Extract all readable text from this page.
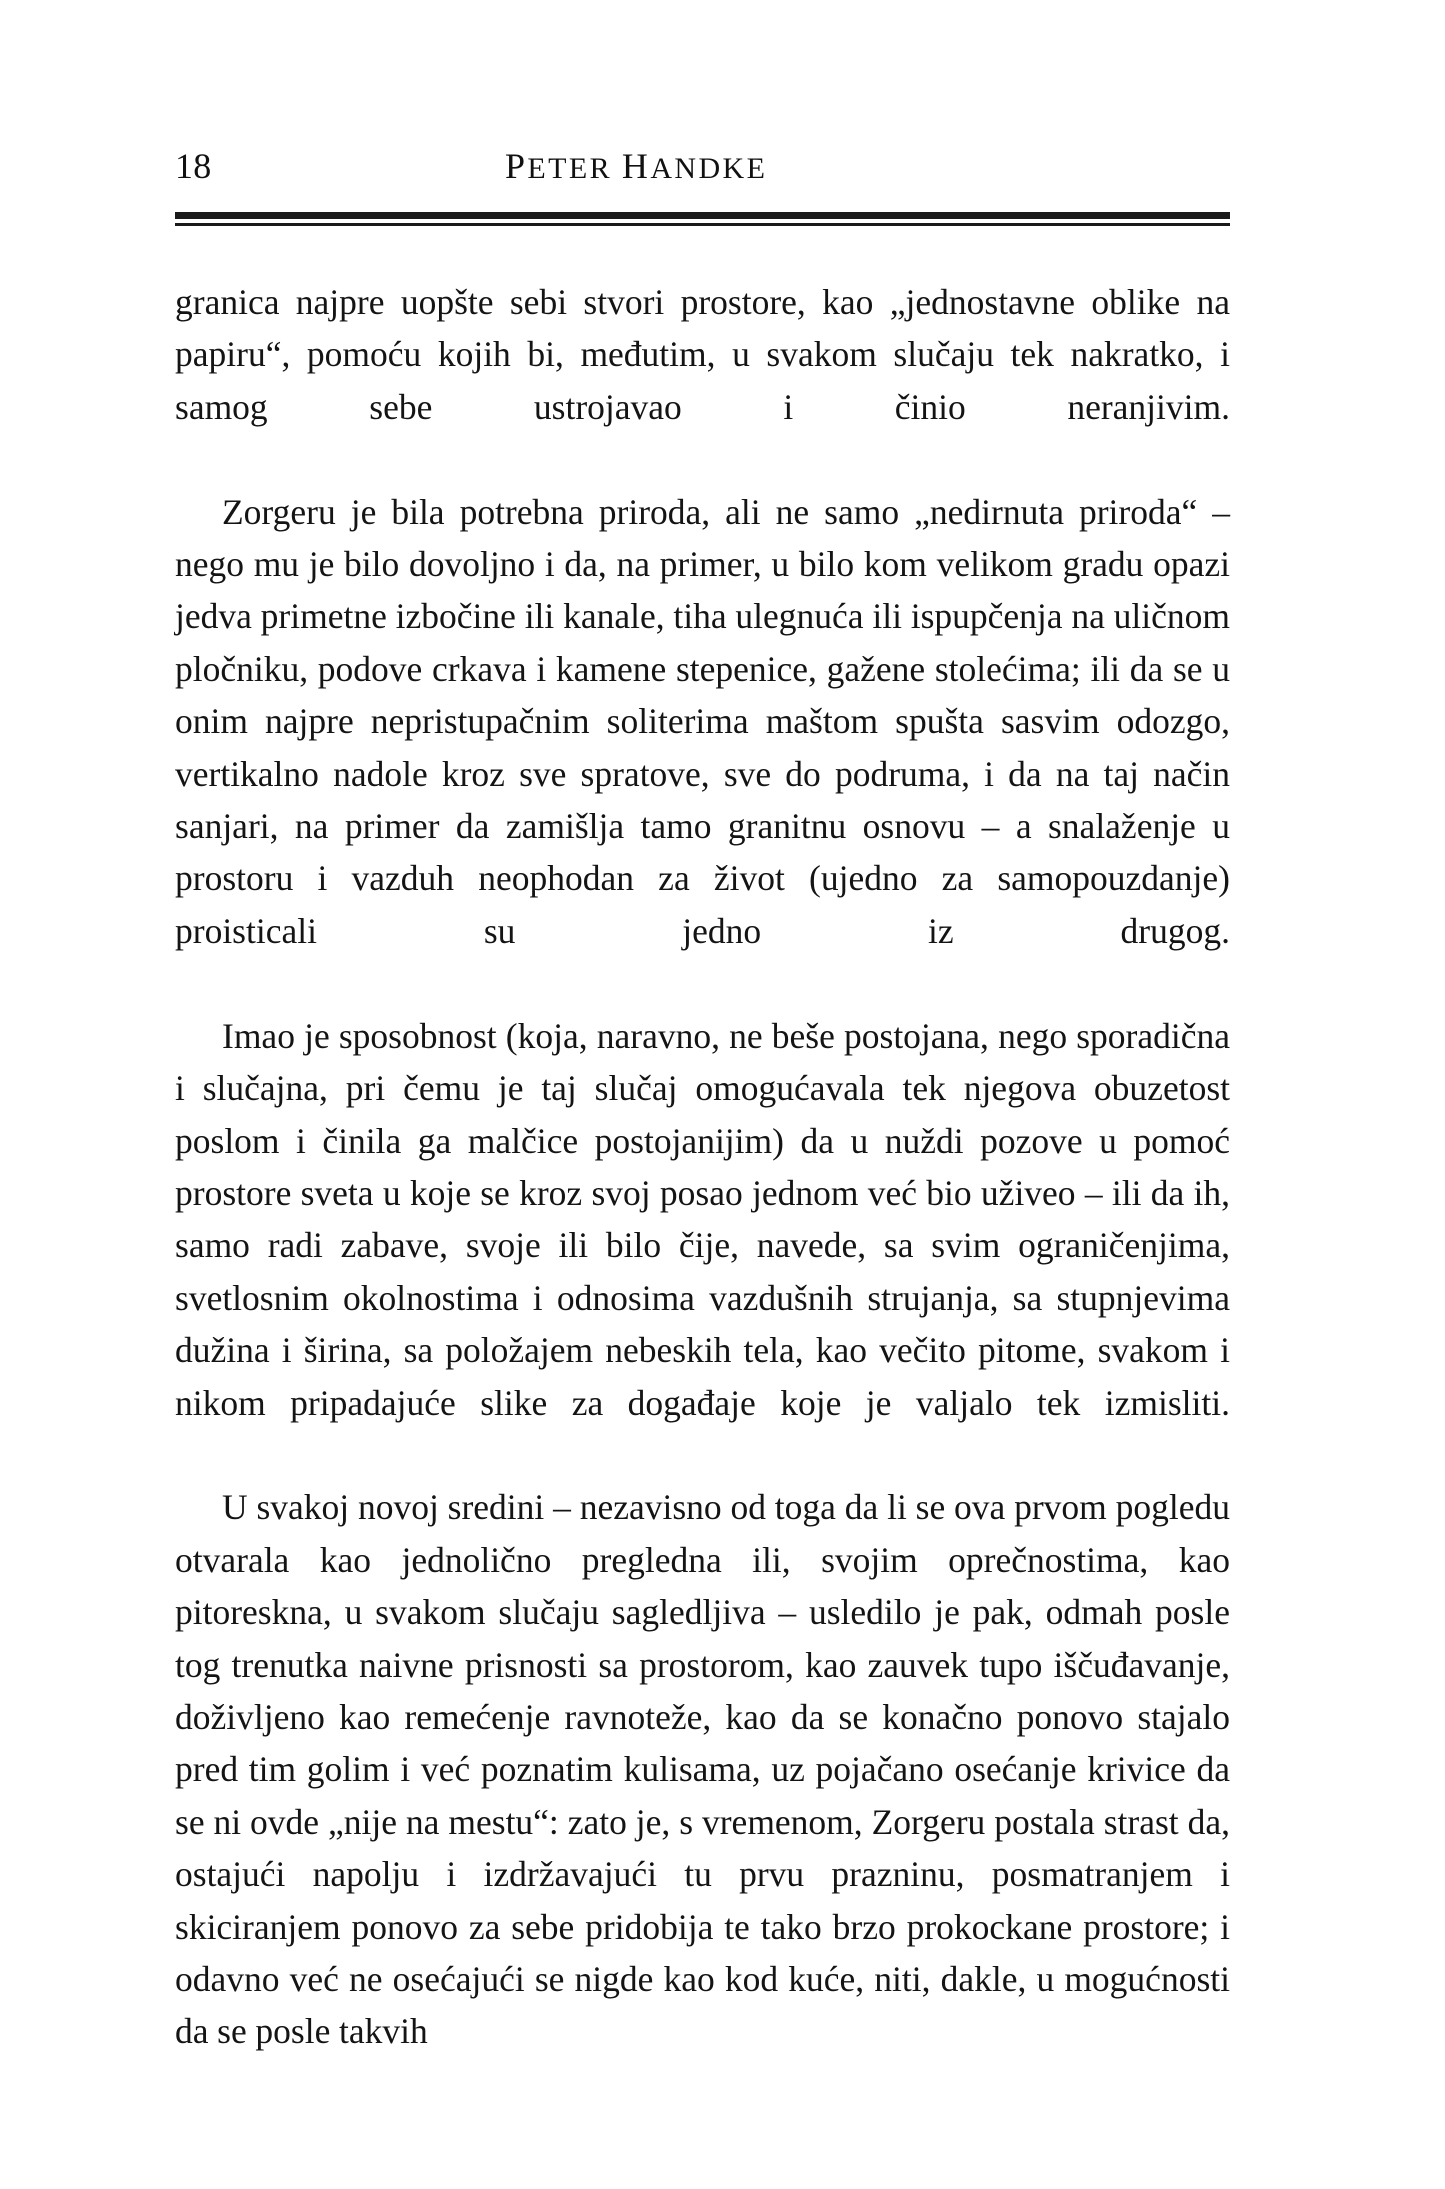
18	PETER HANDKE

granica najpre uopšte sebi stvori prostore, kao „jednostavne oblike na papiru“, pomoću kojih bi, međutim, u svakom slučaju tek nakratko, i samog sebe ustrojavao i činio neranjivim.

Zorgeru je bila potrebna priroda, ali ne samo „nedirnuta priroda“ – nego mu je bilo dovoljno i da, na primer, u bilo kom velikom gradu opazi jedva primetne izbočine ili kanale, tiha ulegnuća ili ispupčenja na uličnom pločniku, podove crkava i kamene stepenice, gažene stolećima; ili da se u onim najpre nepristupačnim soliterima maštom spušta sasvim odozgo, vertikalno nadole kroz sve spratove, sve do podruma, i da na taj način sanjari, na primer da zamišlja tamo granitnu osnovu – a snalaženje u prostoru i vazduh neophodan za život (ujedno za samopouzdanje) proisticali su jedno iz drugog.

Imao je sposobnost (koja, naravno, ne beše postojana, nego sporadična i slučajna, pri čemu je taj slučaj omogućavala tek njegova obuzetost poslom i činila ga malčice postojanijim) da u nuždi pozove u pomoć prostore sveta u koje se kroz svoj posao jednom već bio uživeo – ili da ih, samo radi zabave, svoje ili bilo čije, navede, sa svim ograničenjima, svetlosnim okolnostima i odnosima vazdušnih strujanja, sa stupnjevima dužina i širina, sa položajem nebeskih tela, kao večito pitome, svakom i nikom pripadajuće slike za događaje koje je valjalo tek izmisliti.

U svakoj novoj sredini – nezavisno od toga da li se ova prvom pogledu otvarala kao jednolično pregledna ili, svojim oprečnostima, kao pitoreskna, u svakom slučaju sagledljiva – usledilo je pak, odmah posle tog trenutka naivne prisnosti sa prostorom, kao zauvek tupo iščuđavanje, doživljeno kao remećenje ravnoteže, kao da se konačno ponovo stajalo pred tim golim i već poznatim kulisama, uz pojačano osećanje krivice da se ni ovde „nije na mestu“: zato je, s vremenom, Zorgeru postala strast da, ostajući napolju i izdržavajući tu prvu prazninu, posmatranjem i skiciranjem ponovo za sebe pridobija te tako brzo prokockane prostore; i odavno već ne osećajući se nigde kao kod kuće, niti, dakle, u mogućnosti da se posle takvih
